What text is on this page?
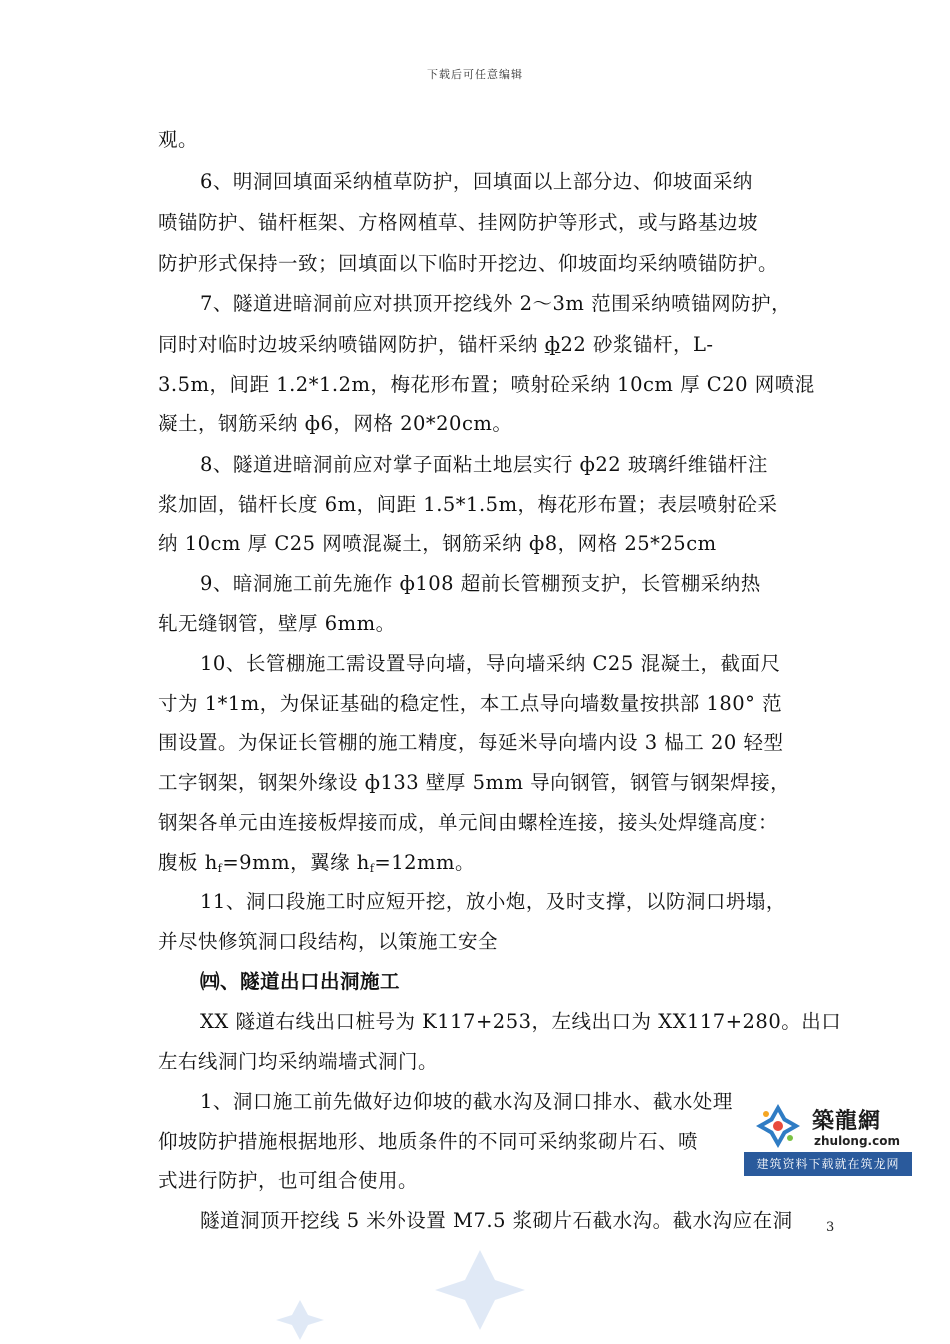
下载后可任意编辑
观。
6、明洞回填面采纳植草防护，回填面以上部分边、仰坡面采纳
喷锚防护、锚杆框架、方格网植草、挂网防护等形式，或与路基边坡
防护形式保持一致；回填面以下临时开挖边、仰坡面均采纳喷锚防护。
7、隧道进暗洞前应对拱顶开挖线外 2～3m 范围采纳喷锚网防护，
同时对临时边坡采纳喷锚网防护，锚杆采纳 ф22 砂浆锚杆，L-
3.5m，间距 1.2*1.2m，梅花形布置；喷射砼采纳 10cm 厚 C20 网喷混
凝土，钢筋采纳 ф6，网格 20*20cm。
8、隧道进暗洞前应对掌子面粘土地层实行 ф22 玻璃纤维锚杆注
浆加固，锚杆长度 6m，间距 1.5*1.5m，梅花形布置；表层喷射砼采
纳 10cm 厚 C25 网喷混凝土，钢筋采纳 ф8，网格 25*25cm
9、暗洞施工前先施作 ф108 超前长管棚预支护，长管棚采纳热
轧无缝钢管，壁厚 6mm。
10、长管棚施工需设置导向墙，导向墙采纳 C25 混凝土，截面尺
寸为 1*1m，为保证基础的稳定性，本工点导向墙数量按拱部 180° 范
围设置。为保证长管棚的施工精度，每延米导向墙内设 3 榀工 20 轻型
工字钢架，钢架外缘设 ф133 壁厚 5mm 导向钢管，钢管与钢架焊接，
钢架各单元由连接板焊接而成，单元间由螺栓连接，接头处焊缝高度：
腹板 $h_f=9mm$，翼缘 $h_f=12mm$。
11、洞口段施工时应短开挖，放小炮，及时支撑，以防洞口坍塌，
并尽快修筑洞口段结构，以策施工安全
㈣、隧道出口出洞施工
XX 隧道右线出口桩号为 K117+253，左线出口为 XX117+280。出口
左右线洞门均采纳端墙式洞门。
1、洞口施工前先做好边仰坡的截水沟及洞口排水、截水处理
仰坡防护措施根据地形、地质条件的不同可采纳浆砌片石、喷
式进行防护，也可组合使用。
隧道洞顶开挖线 5 米外设置 M7.5 浆砌片石截水沟。截水沟应在洞
築龍網
zhulong.com
建筑资料下载就在筑龙网
3
